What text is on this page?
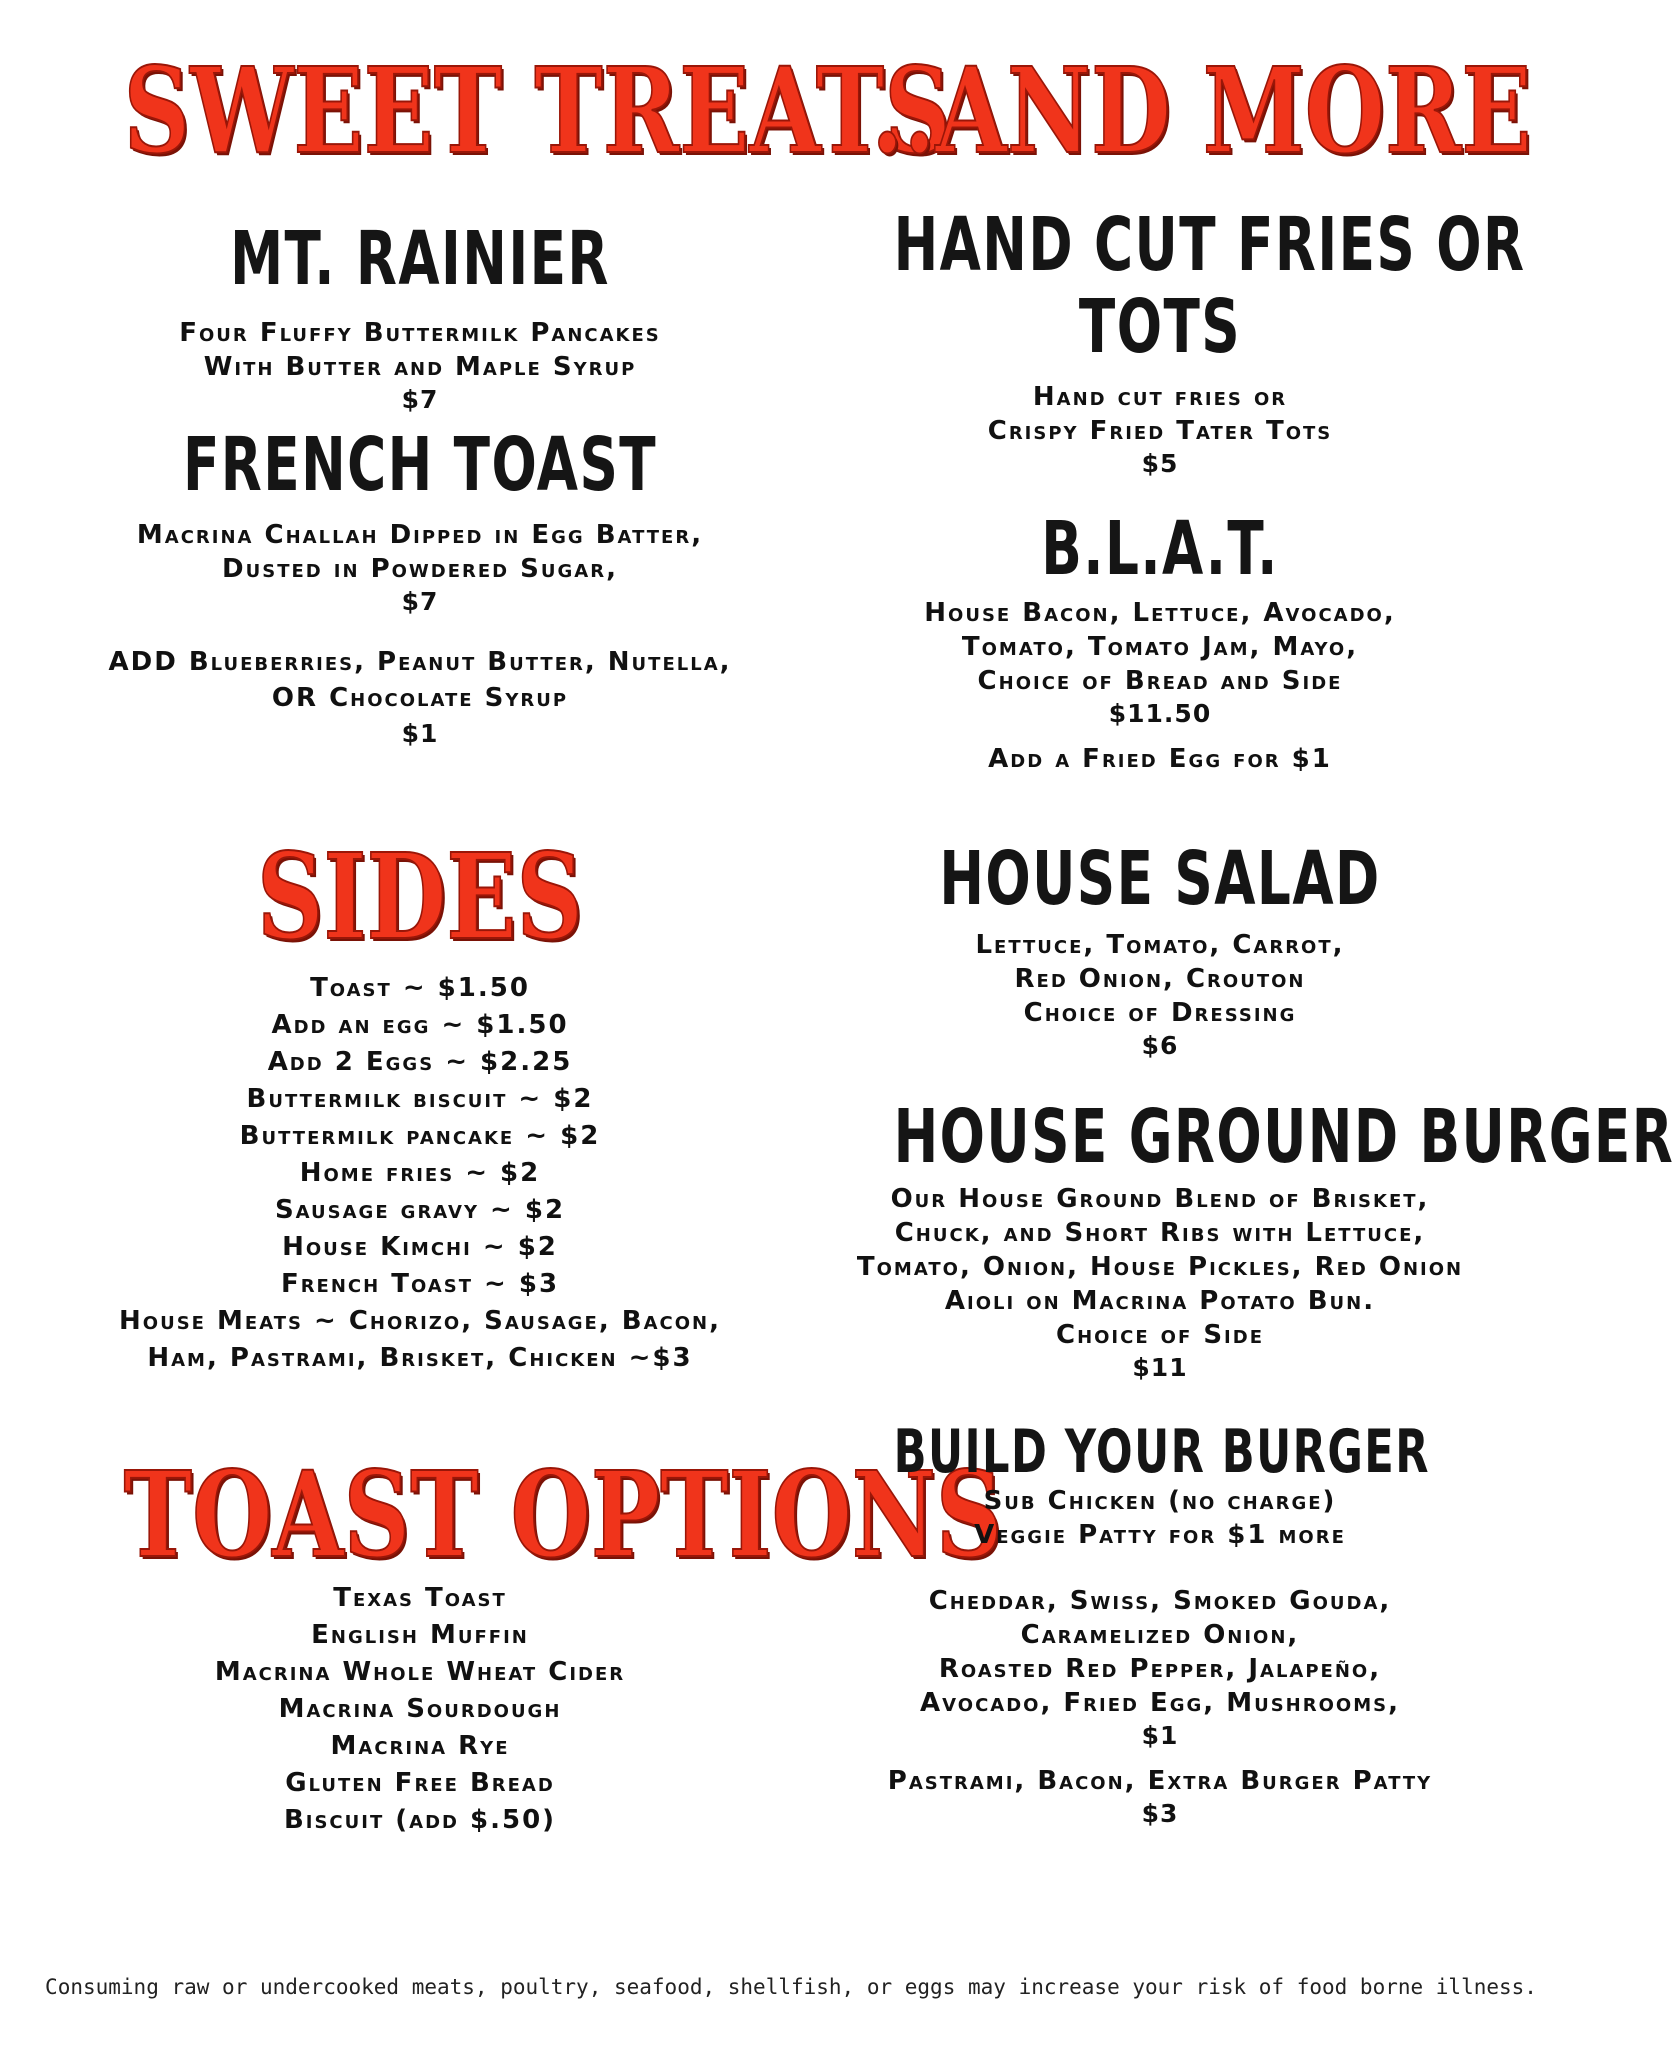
SWEET TREATS
MT. RAINIER

Four Fluffy Buttermilk Pancakes

With Butter and Maple Syrup

$7

FRENCH TOAST

Macrina Challah Dipped in Egg Batter,

Dusted in Powdered Sugar,

$7

ADD Blueberries, Peanut Butter, Nutella,

OR Chocolate Syrup

$1

SIDES

Toast ~ $1.50

Add an egg ~ $1.50

Add 2 Eggs ~ $2.25

Buttermilk biscuit ~ $2

Buttermilk pancake ~ $2

Home fries ~ $2

Sausage gravy ~ $2

House Kimchi ~ $2

French Toast ~ $3

House Meats ~ Chorizo, Sausage, Bacon,

Ham, Pastrami, Brisket, Chicken ~$3

TOAST OPTIONS

Texas Toast

English Muffin

Macrina Whole Wheat Cider

Macrina Sourdough

Macrina Rye

Gluten Free Bread

Biscuit (add $.50)

..AND MORE
HAND CUT FRIES OR
TOTS

Hand cut fries or

Crispy Fried Tater Tots

$5

B.L.A.T.

House Bacon, Lettuce, Avocado,

Tomato, Tomato Jam, Mayo,

Choice of Bread and Side

$11.50

Add a Fried Egg for $1

HOUSE SALAD

Lettuce, Tomato, Carrot,

Red Onion, Crouton

Choice of Dressing

$6

HOUSE GROUND BURGER

Our House Ground Blend of Brisket,

Chuck, and Short Ribs with Lettuce,

Tomato, Onion, House Pickles, Red Onion

Aioli on Macrina Potato Bun.

Choice of Side

$11

BUILD YOUR BURGER

Sub Chicken (no charge)

Veggie Patty for $1 more

Cheddar, Swiss, Smoked Gouda,

Caramelized Onion,

Roasted Red Pepper, Jalapeño,

Avocado, Fried Egg, Mushrooms,

$1

Pastrami, Bacon, Extra Burger Patty

$3

Consuming raw or undercooked meats, poultry, seafood, shellfish, or eggs may increase your risk of food borne illness.
